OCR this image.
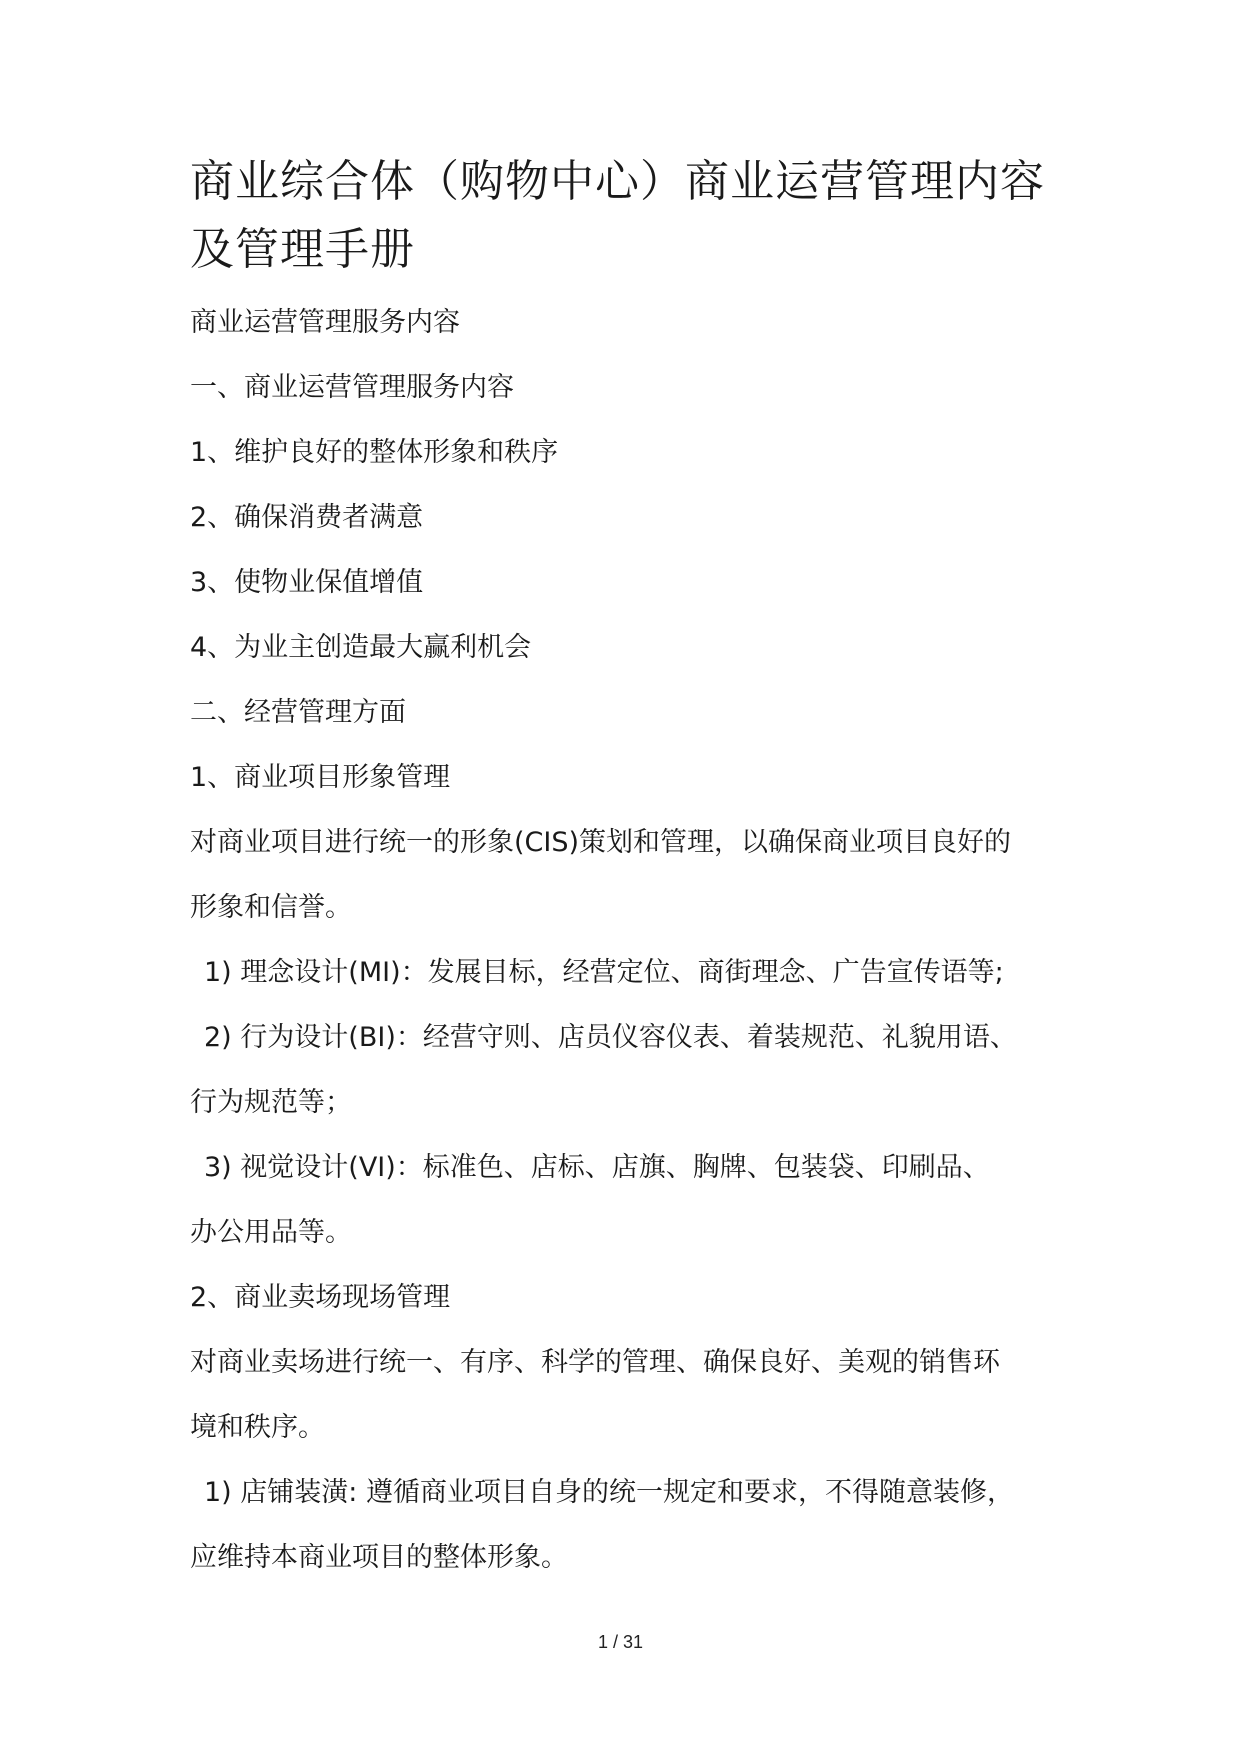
商业综合体（购物中心）商业运营管理内容
及管理手册

商业运营管理服务内容

一、商业运营管理服务内容

1、维护良好的整体形象和秩序

2、确保消费者满意

3、使物业保值增值

4、为业主创造最大赢利机会

二、经营管理方面

1、商业项目形象管理

对商业项目进行统一的形象(CIS)策划和管理，以确保商业项目良好的

形象和信誉。

1) 理念设计(MI)：发展目标，经营定位、商街理念、广告宣传语等;

2) 行为设计(BI)：经营守则、店员仪容仪表、着装规范、礼貌用语、

行为规范等；

3) 视觉设计(VI)：标准色、店标、店旗、胸牌、包装袋、印刷品、

办公用品等。

2、商业卖场现场管理

对商业卖场进行统一、有序、科学的管理、确保良好、美观的销售环

境和秩序。

1) 店铺装潢: 遵循商业项目自身的统一规定和要求，不得随意装修，

应维持本商业项目的整体形象。

1 / 31
